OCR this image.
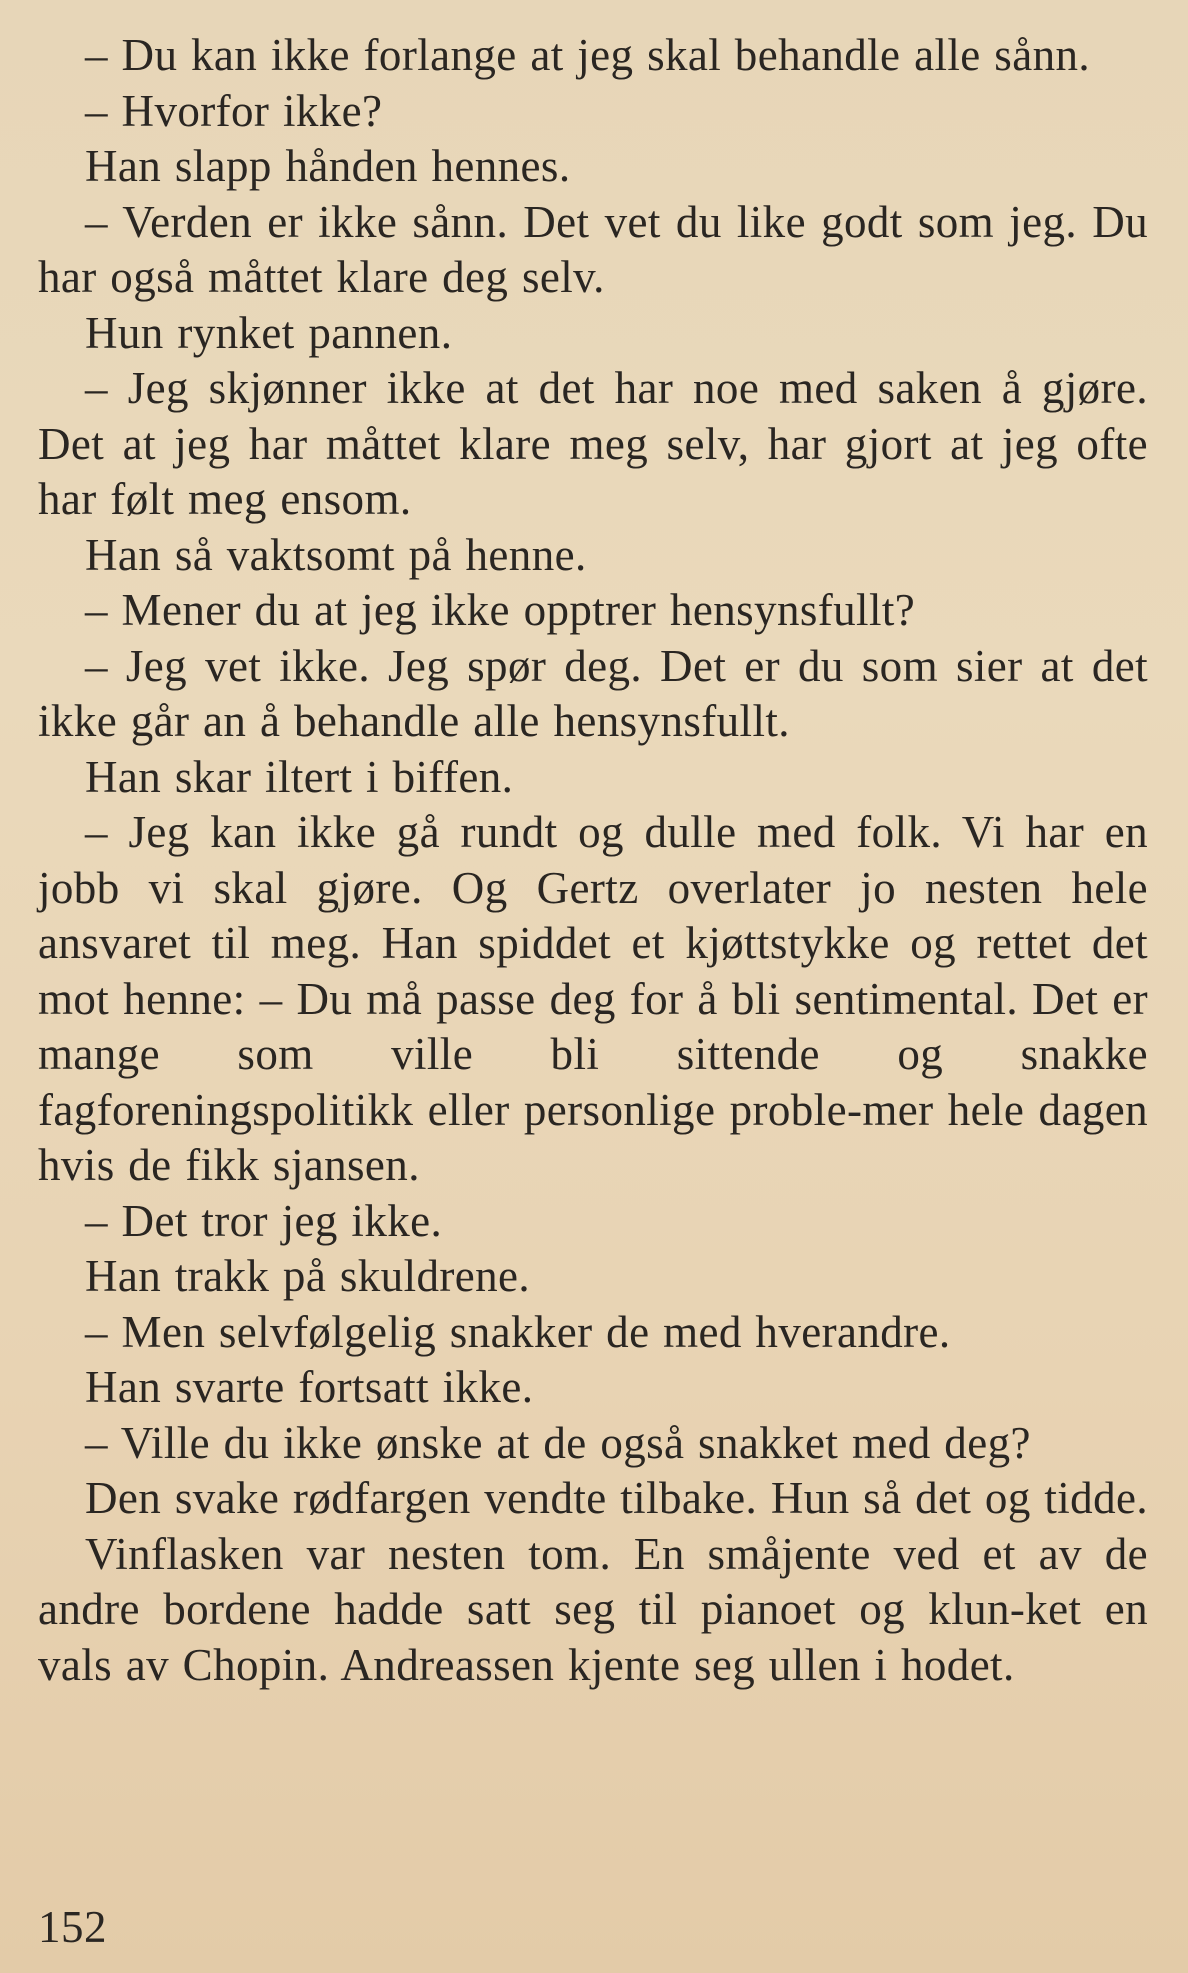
– Du kan ikke forlange at jeg skal behandle alle sånn.

– Hvorfor ikke?

Han slapp hånden hennes.

– Verden er ikke sånn. Det vet du like godt som jeg. Du har også måttet klare deg selv.

Hun rynket pannen.

– Jeg skjønner ikke at det har noe med saken å gjøre. Det at jeg har måttet klare meg selv, har gjort at jeg ofte har følt meg ensom.

Han så vaktsomt på henne.

– Mener du at jeg ikke opptrer hensynsfullt?

– Jeg vet ikke. Jeg spør deg. Det er du som sier at det ikke går an å behandle alle hensynsfullt.

Han skar iltert i biffen.

– Jeg kan ikke gå rundt og dulle med folk. Vi har en jobb vi skal gjøre. Og Gertz overlater jo nesten hele ansvaret til meg. Han spiddet et kjøttstykke og rettet det mot henne: – Du må passe deg for å bli sentimental. Det er mange som ville bli sittende og snakke fagforeningspolitikk eller personlige proble-mer hele dagen hvis de fikk sjansen.

– Det tror jeg ikke.

Han trakk på skuldrene.

– Men selvfølgelig snakker de med hverandre.

Han svarte fortsatt ikke.

– Ville du ikke ønske at de også snakket med deg?

Den svake rødfargen vendte tilbake. Hun så det og tidde.

Vinflasken var nesten tom. En småjente ved et av de andre bordene hadde satt seg til pianoet og klun-ket en vals av Chopin. Andreassen kjente seg ullen i hodet.

152
